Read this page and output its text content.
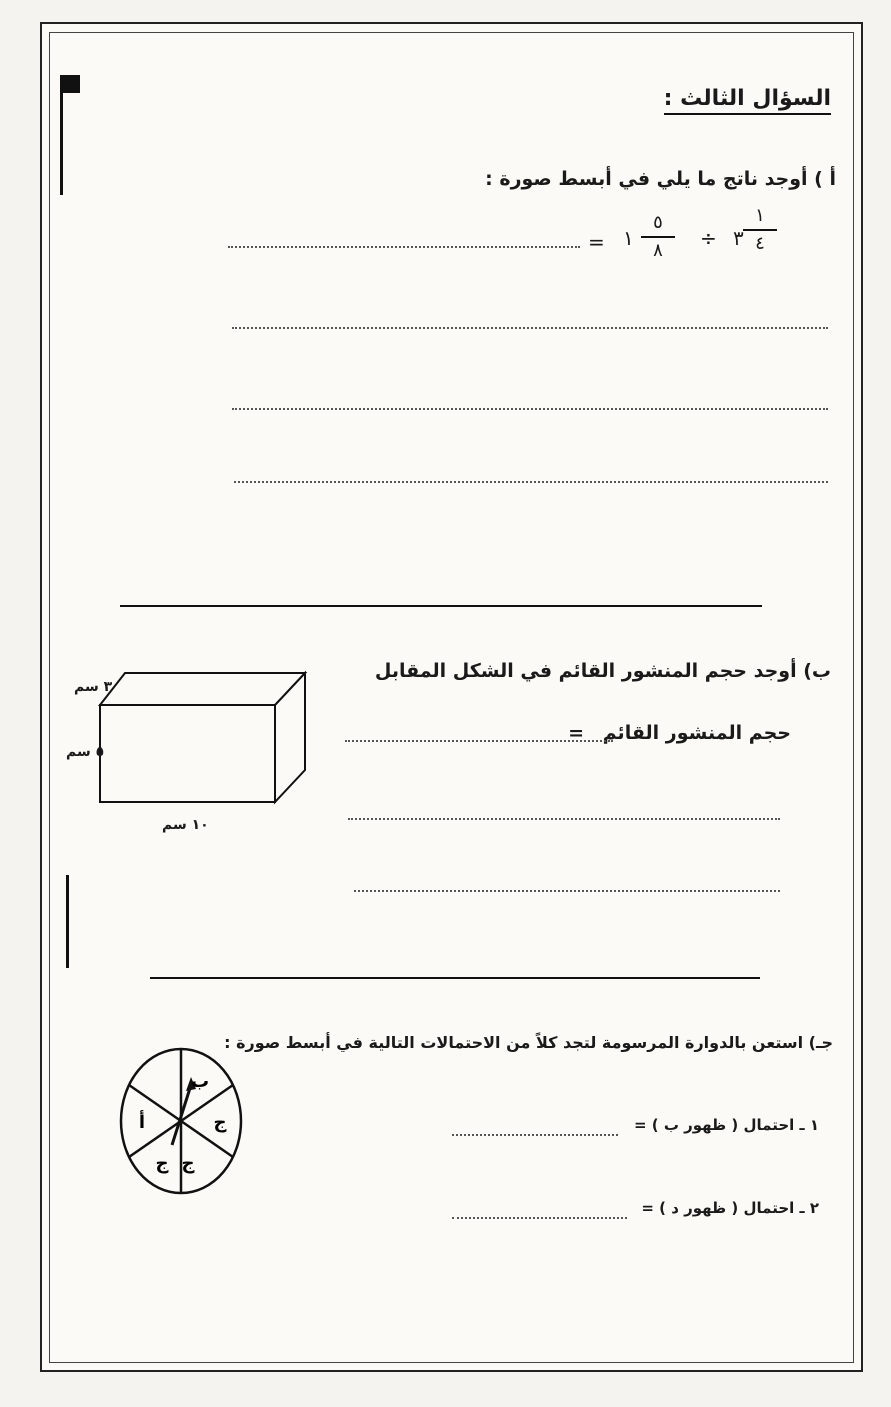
السؤال الثالث :
أ ) أوجد ناتج ما يلي في أبسط صورة :
٣
١
٤
÷
١
٥
٨
=
ب) أوجد حجم المنشور القائم في الشكل المقابل
حجم المنشور القائم =
٣ سم
٥ سم
١٠ سم
جـ) استعن بالدوارة المرسومة لتجد كلاً من الاحتمالات التالية في أبسط صورة :
ب
ج
ج
ج
أ	١ ـ احتمال ( ظهور ب ) =
٢ ـ احتمال ( ظهور د ) =
